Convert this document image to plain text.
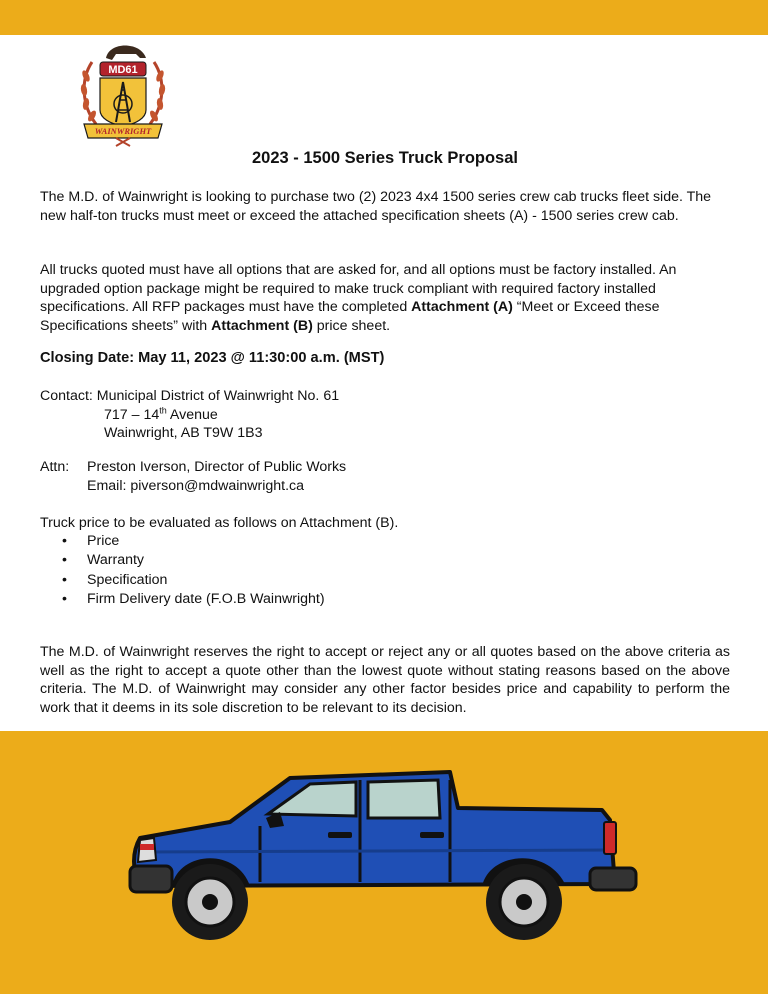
MD61
WAINWRIGHT
2023 - 1500 Series Truck Proposal

The M.D. of Wainwright is looking to purchase two (2) 2023 4x4 1500 series crew cab trucks fleet side. The new half-ton trucks must meet or exceed the attached specification sheets (A) - 1500 series crew cab.

All trucks quoted must have all options that are asked for, and all options must be factory installed. An upgraded option package might be required to make truck compliant with required factory installed specifications. All RFP packages must have the completed Attachment (A) “Meet or Exceed these Specifications sheets” with Attachment (B) price sheet.

Closing Date: May 11, 2023 @ 11:30:00 a.m. (MST)

Contact: Municipal District of Wainwright No. 61
717 – 14th Avenue
Wainwright, AB T9W 1B3
Attn:	Preston Iverson, Director of Public Works
Email: piverson@mdwainwright.ca

Truck price to be evaluated as follows on Attachment (B).

• Price
• Warranty
• Specification
• Firm Delivery date (F.O.B Wainwright)

The M.D. of Wainwright reserves the right to accept or reject any or all quotes based on the above criteria as well as the right to accept a quote other than the lowest quote without stating reasons based on the above criteria. The M.D. of Wainwright may consider any other factor besides price and capability to perform the work that it deems in its sole discretion to be relevant to its decision.
